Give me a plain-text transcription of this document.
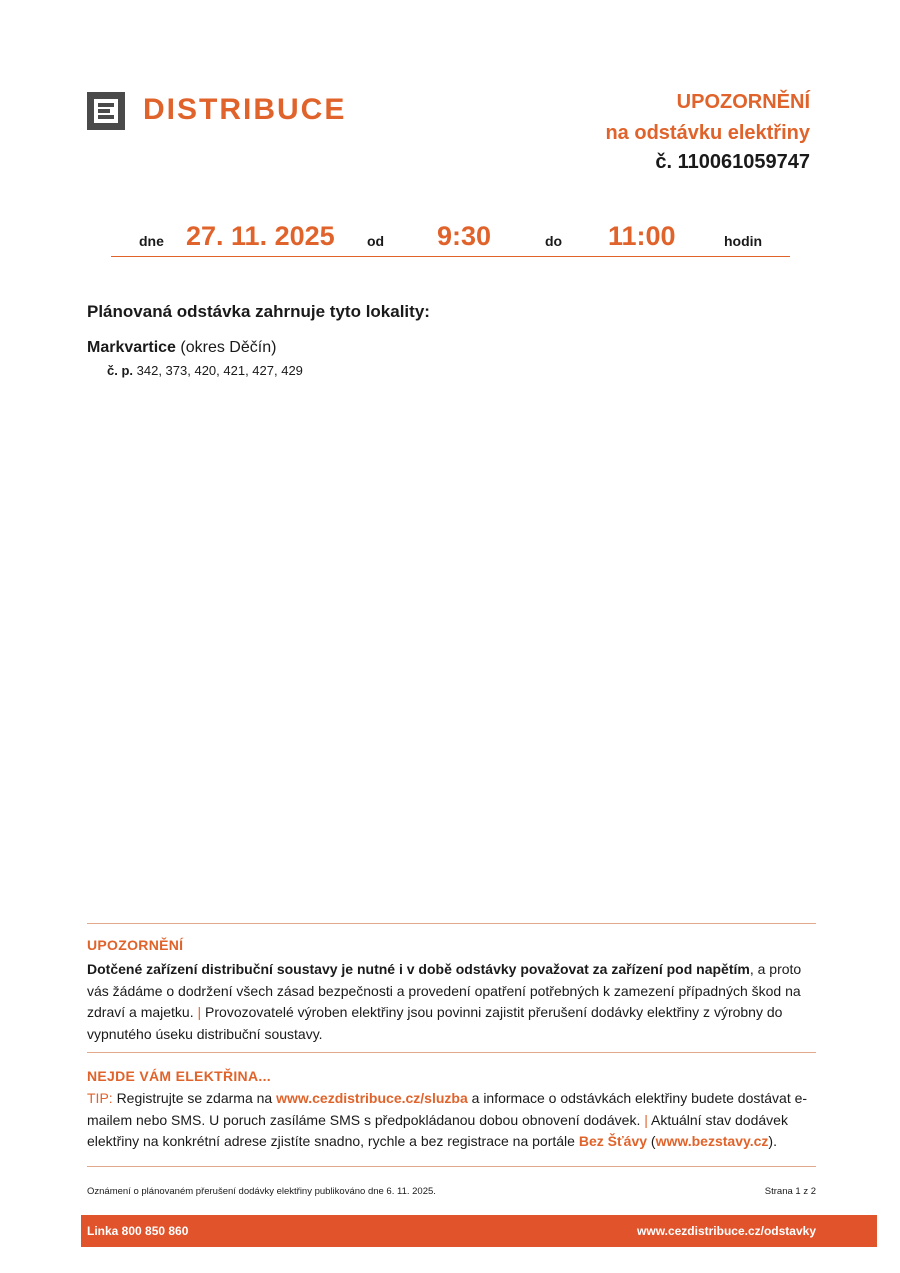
DISTRIBUCE	UPOZORNĚNÍ
na odstávku elektřiny
č. 110061059747
dne 27. 11. 2025 od 9:30	do 11:00	hodin
Plánovaná odstávka zahrnuje tyto lokality:
Markvartice (okres Děčín)
č. p. 342, 373, 420, 421, 427, 429
UPOZORNĚNÍ
Dotčené zařízení distribuční soustavy je nutné i v době odstávky považovat za zařízení pod napětím, a proto vás žádáme o dodržení všech zásad bezpečnosti a provedení opatření potřebných k zamezení případných škod na zdraví a majetku. | Provozovatelé výroben elektřiny jsou povinni zajistit přerušení dodávky elektřiny z výrobny do vypnutého úseku distribuční soustavy.
NEJDE VÁM ELEKTŘINA...
TIP: Registrujte se zdarma na www.cezdistribuce.cz/sluzba a informace o odstávkách elektřiny budete dostávat e-mailem nebo SMS. U poruch zasíláme SMS s předpokládanou dobou obnovení dodávek. | Aktuální stav dodávek elektřiny na konkrétní adrese zjistíte snadno, rychle a bez registrace na portále Bez Šťávy (www.bezstavy.cz).
Oznámení o plánovaném přerušení dodávky elektřiny publikováno dne 6. 11. 2025.	Strana 1 z 2
Linka 800 850 860	www.cezdistribuce.cz/odstavky
